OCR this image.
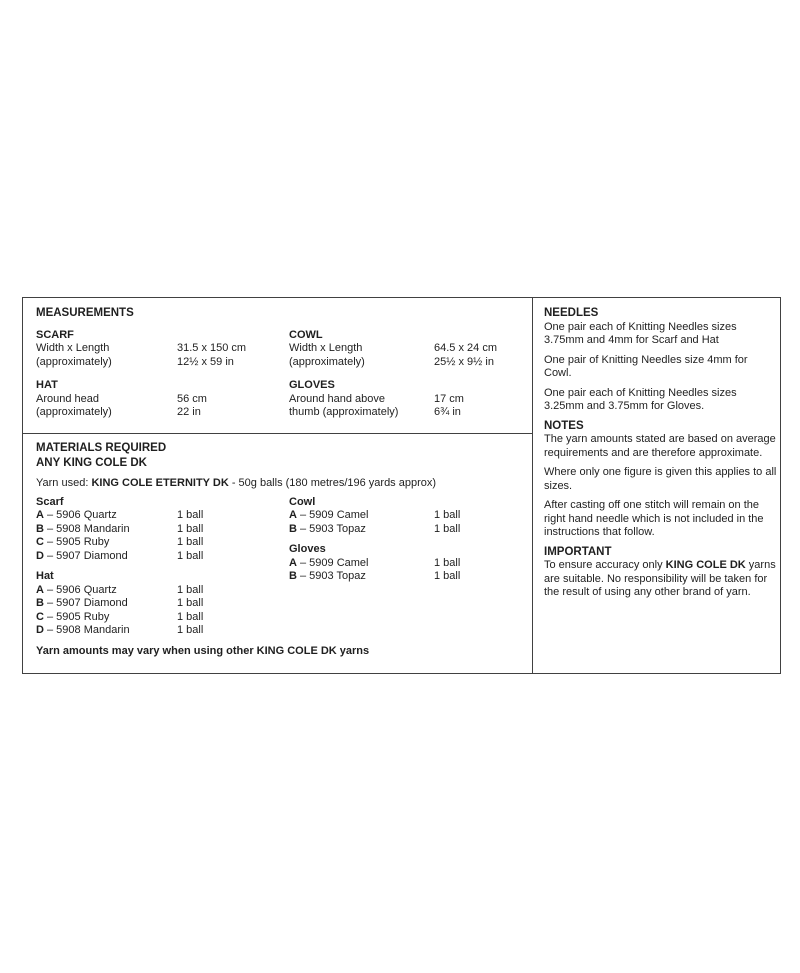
MEASUREMENTS
SCARF
Width x Length	31.5 x 150 cm
(approximately)	12½ x 59 in
HAT
Around head	56 cm
(approximately)	22 in
COWL
Width x Length	64.5 x 24 cm
(approximately)	25½ x 9½ in
GLOVES
Around hand above	17 cm
thumb (approximately)	6¾ in
MATERIALS REQUIRED
ANY KING COLE DK
Yarn used: KING COLE ETERNITY DK - 50g balls (180 metres/196 yards approx)
Scarf
A – 5906 Quartz	1 ball
B – 5908 Mandarin	1 ball
C – 5905 Ruby	1 ball
D – 5907 Diamond	1 ball
Hat
A – 5906 Quartz	1 ball
B – 5907 Diamond	1 ball
C – 5905 Ruby	1 ball
D – 5908 Mandarin	1 ball
Cowl
A – 5909 Camel	1 ball
B – 5903 Topaz	1 ball
Gloves
A – 5909 Camel	1 ball
B – 5903 Topaz	1 ball
Yarn amounts may vary when using other KING COLE DK yarns
NEEDLES

One pair each of Knitting Needles sizes 3.75mm and 4mm for Scarf and Hat

One pair of Knitting Needles size 4mm for Cowl.

One pair each of Knitting Needles sizes 3.25mm and 3.75mm for Gloves.

NOTES

The yarn amounts stated are based on average requirements and are therefore approximate.

Where only one figure is given this applies to all sizes.

After casting off one stitch will remain on the right hand needle which is not included in the instructions that follow.

IMPORTANT

To ensure accuracy only KING COLE DK yarns are suitable. No responsibility will be taken for the result of using any other brand of yarn.
